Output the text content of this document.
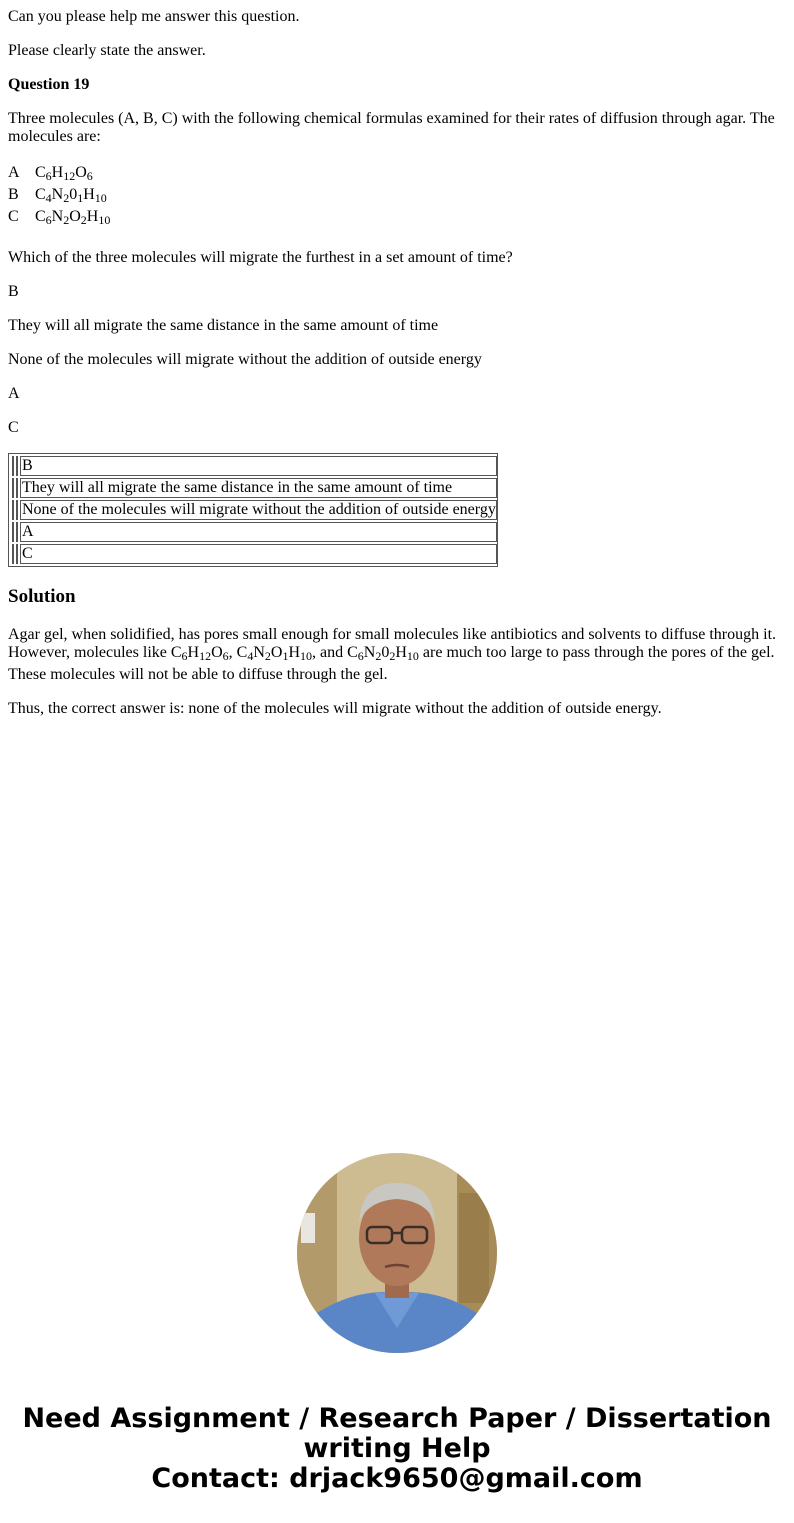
Can you please help me answer this question.
Please clearly state the answer.
Question 19
Three molecules (A, B, C) with the following chemical formulas examined for their rates of diffusion through agar. The molecules are:
A $C_6H_{12}O_6$
B $C_4N_20_1H_{10}$
C $C_6N_2O_2H_{10}$
Which of the three molecules will migrate the furthest in a set amount of time?
B
They will all migrate the same distance in the same amount of time
None of the molecules will migrate without the addition of outside energy
A
C
B
They will all migrate the same distance in the same amount of time
None of the molecules will migrate without the addition of outside energy
A
C
Solution
Agar gel, when solidified, has pores small enough for small molecules like antibiotics and solvents to diffuse through it.
However, molecules like $C_6H_{12}O_6$, $C_4N_2O_1H_{10}$, and $C_6N_20_2H_{10}$ are much too large to pass through the pores of the gel.
These molecules will not be able to diffuse through the gel.
Thus, the correct answer is: none of the molecules will migrate without the addition of outside energy.
Need Assignment / Research Paper / Dissertation
writing Help
Contact: drjack9650@gmail.com
